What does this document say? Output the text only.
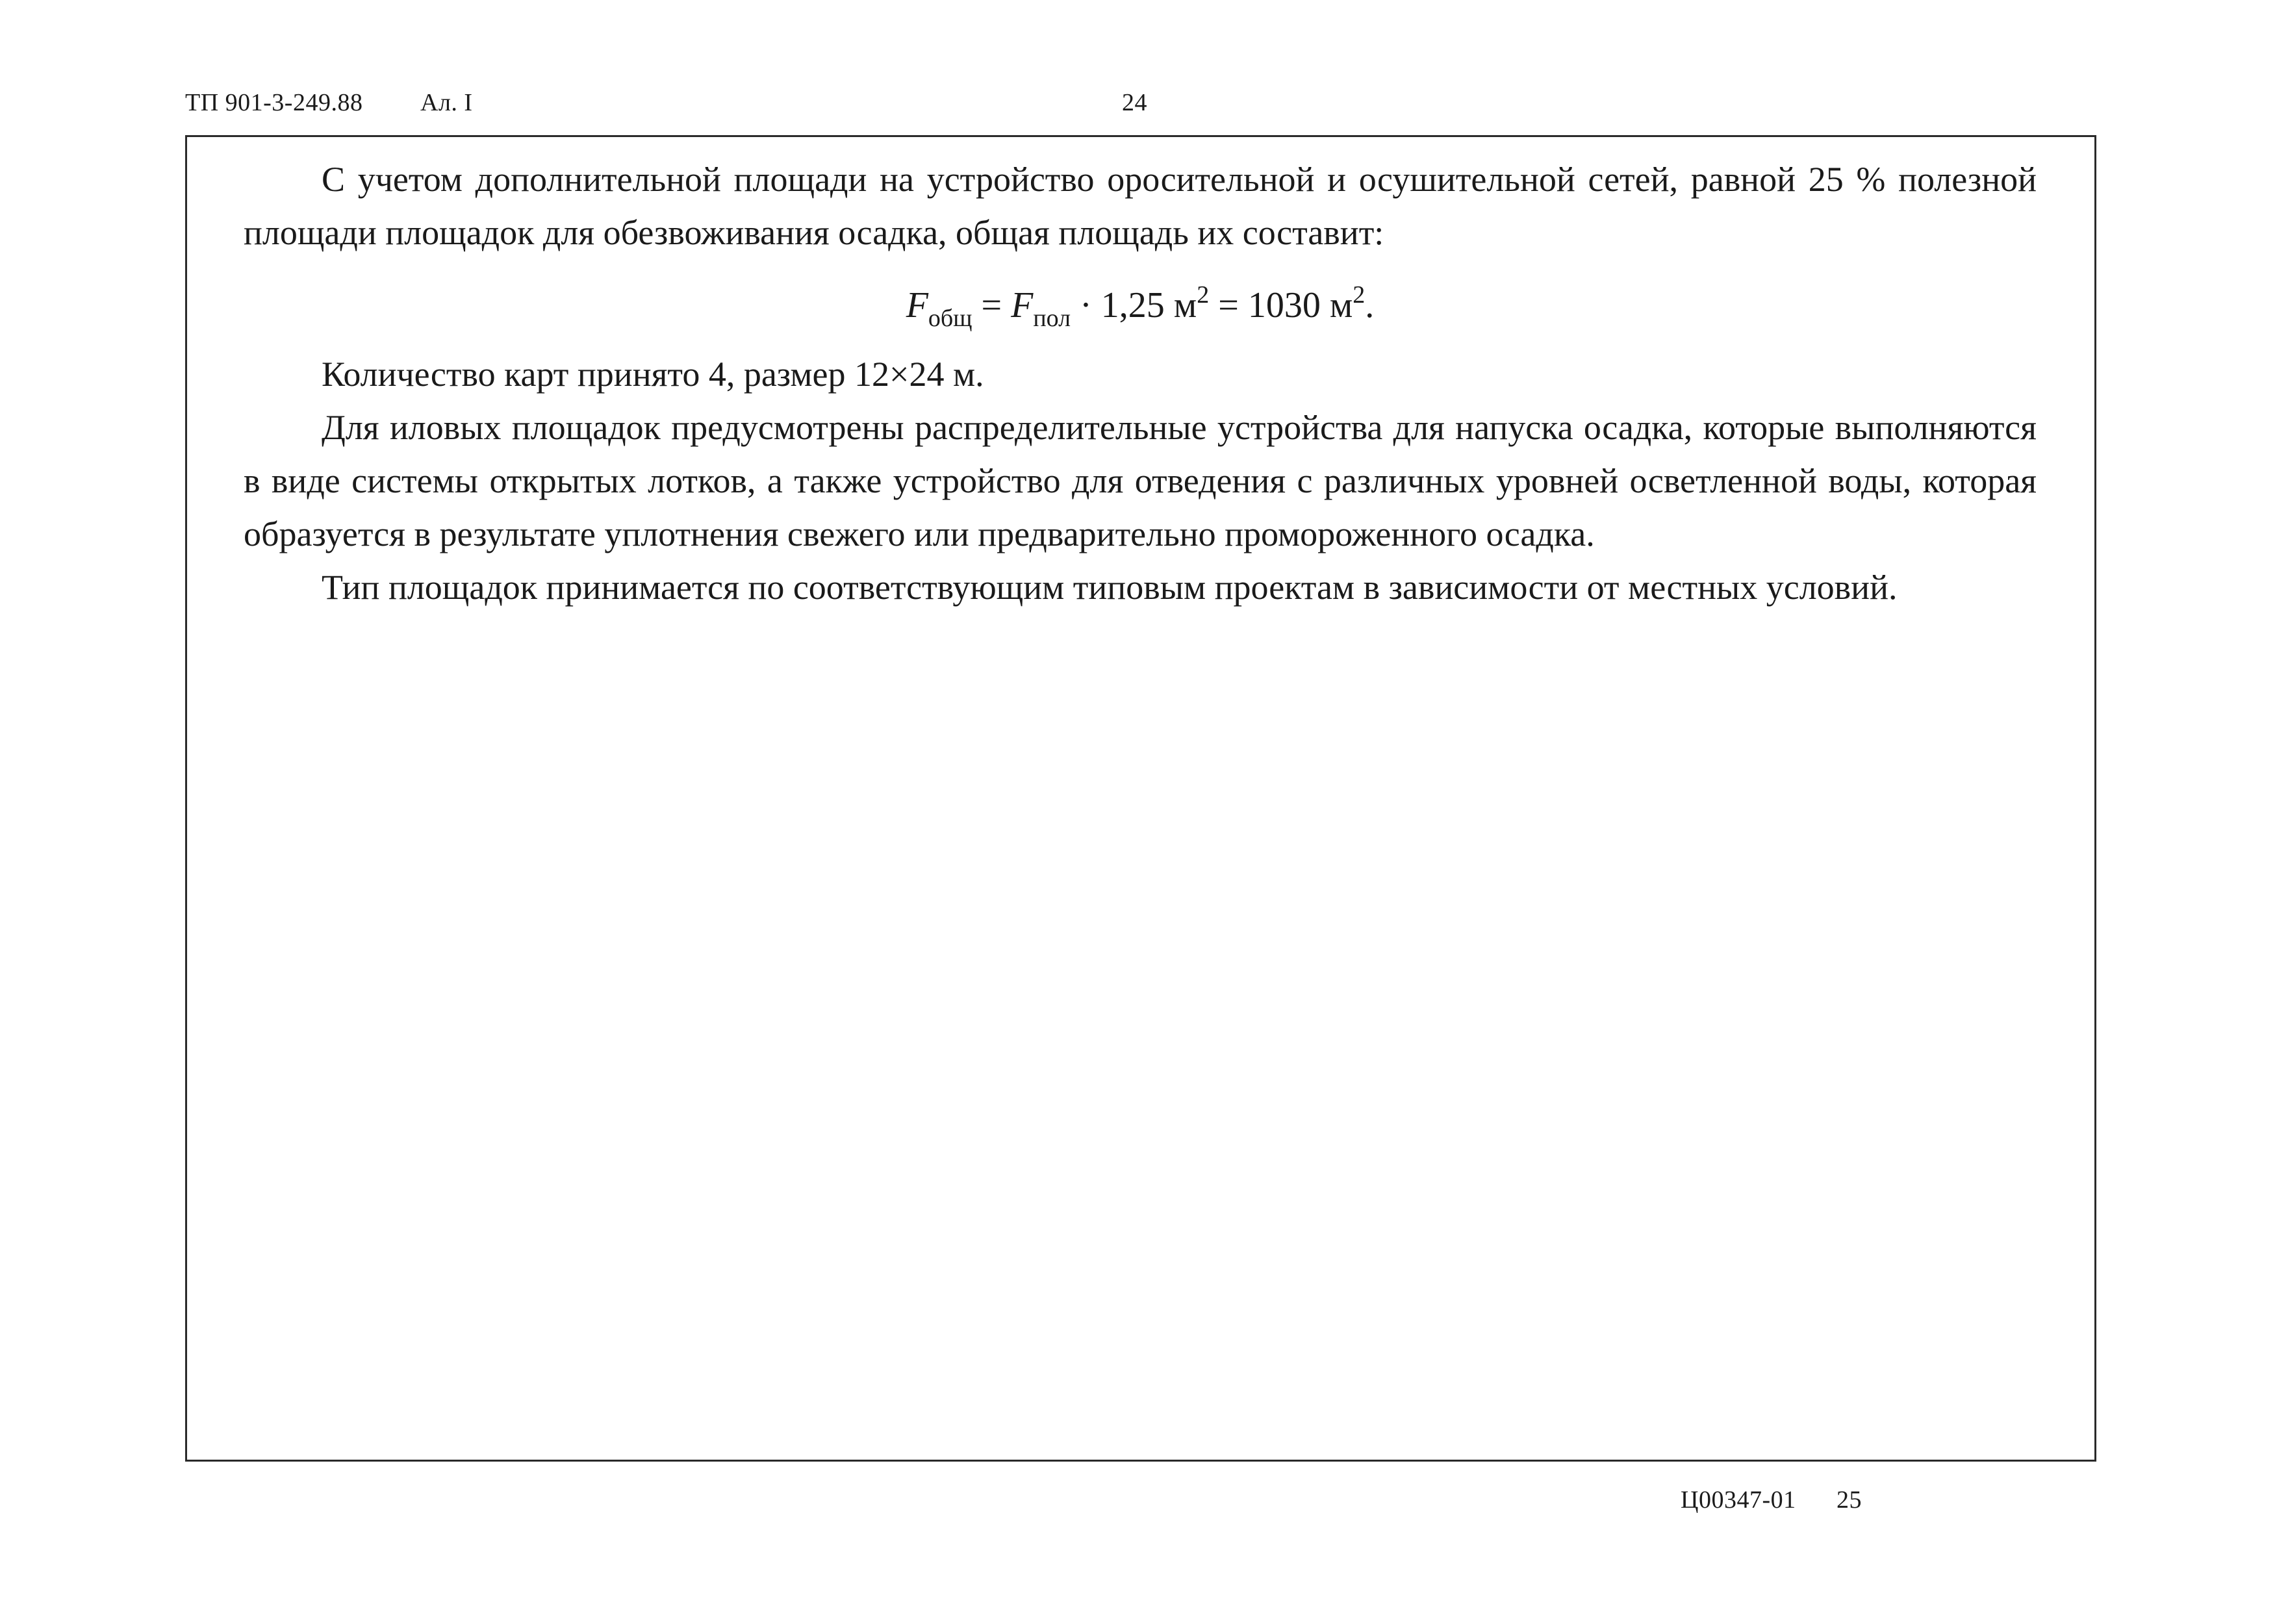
ТП 901-3-249.88 Ал. I	24

С учетом дополнительной площади на устройство оросительной и осушительной сетей, равной 25 % полезной площади площадок для обезвоживания осадка, общая площадь их составит:

$F_{общ} = F_{пол} \cdot 1,25$ $м^2 = 1030$ $м^2$.

Количество карт принято 4, размер 12×24 м.

Для иловых площадок предусмотрены распределительные устройства для напуска осадка, которые выполняются в виде системы открытых лотков, а также устройство для отведения с различных уровней осветленной воды, которая образуется в результате уплотнения свежего или предварительно промороженного осадка.

Тип площадок принимается по соответствующим типовым проектам в зависимости от местных условий.

Ц00347-01 25
